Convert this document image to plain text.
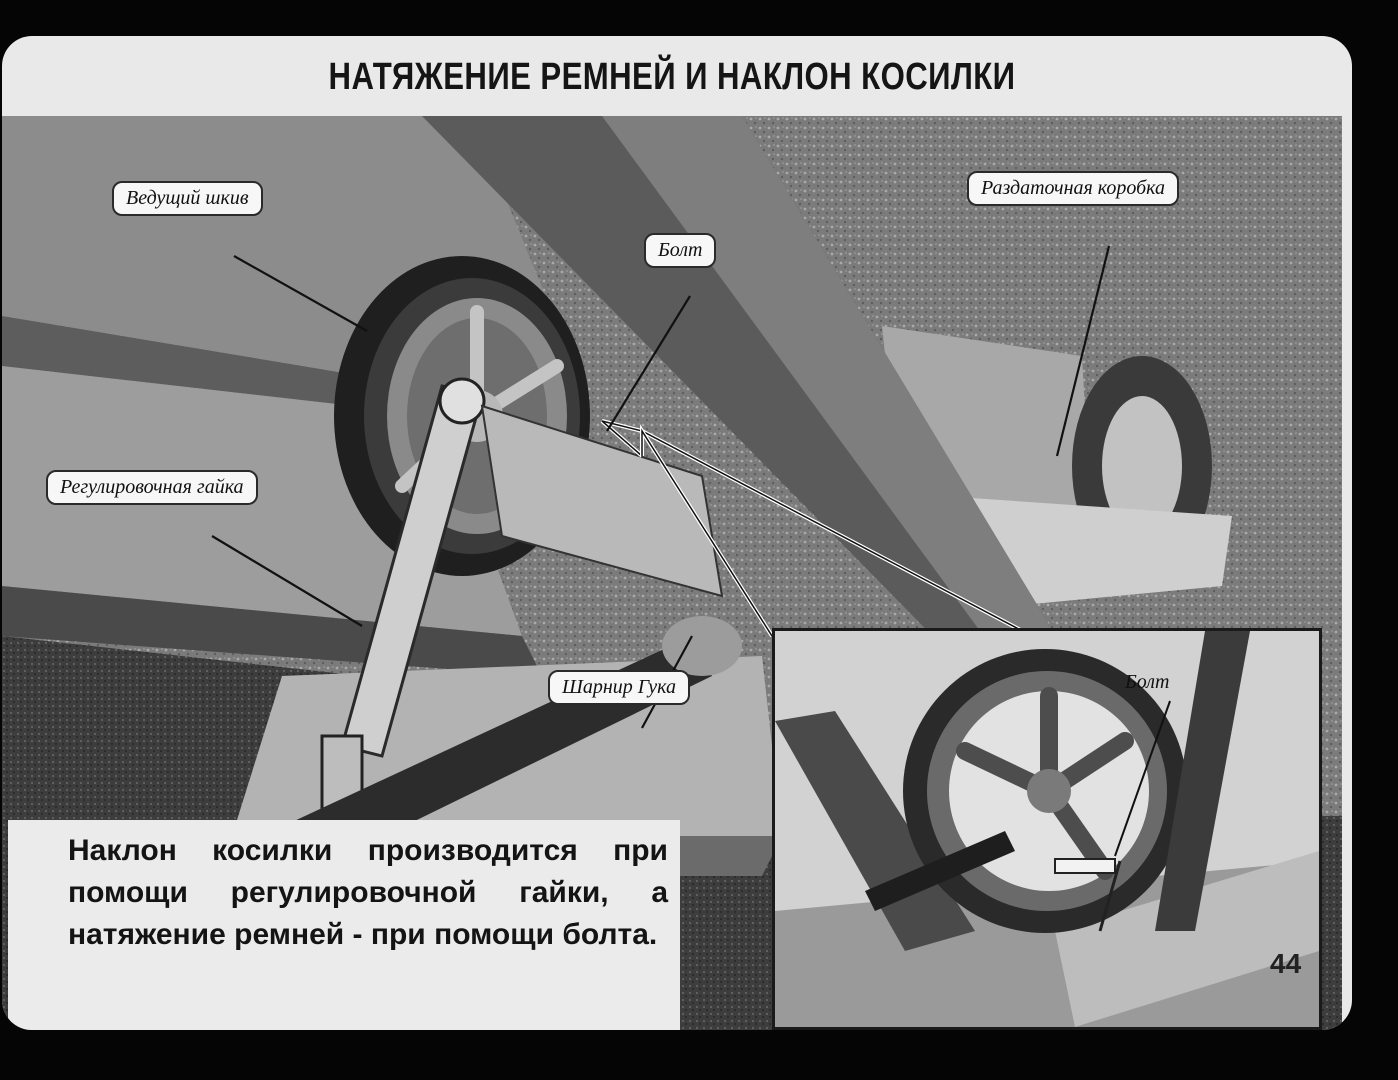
НАТЯЖЕНИЕ РЕМНЕЙ И НАКЛОН КОСИЛКИ
Ведущий шкив
Болт
Раздаточная коробка
Регулировочная гайка
Шарнир Гука	Болт
Наклон косилки производится при помощи регулировочной гайки, а натяжение ремней - при помощи болта.
44
